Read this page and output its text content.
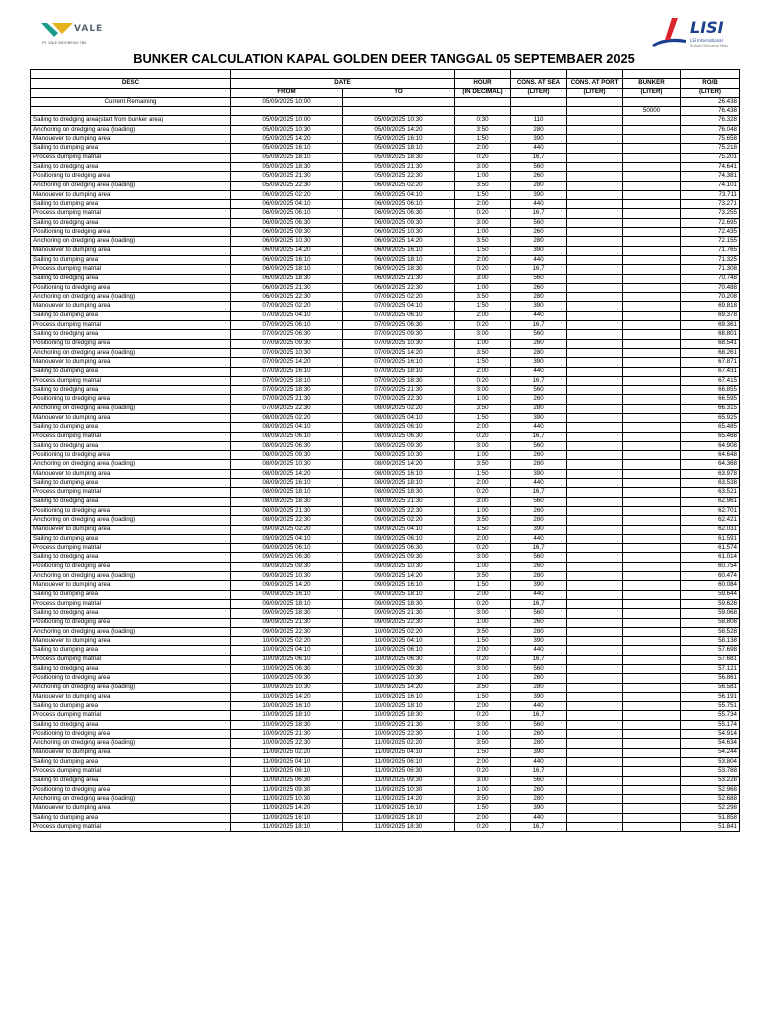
VALE
PT. VALE INDONESIA TBK
LISI
LSI International
Sukses Bersama Maju
BUNKER CALCULATION KAPAL GOLDEN DEER TANGGAL 05 SEPTEMBAER 2025

DESC	DATE		HOUR	CONS. AT SEA	CONS. AT PORT	BUNKER	RO/B
	FROM	TO	(IN DECIMAL)	(LITER)	(LITER)	(LITER)	(LITER)
Current Remaining	05/09/2025 10:00						26.438
						50000	76.438
Sailing to dredging area(start from bunker area)	05/09/2025 10:00	05/09/2025 10:30	0:30	110			76.328
Anchoring on dredging area (loading)	05/09/2025 10:30	05/09/2025 14:20	3:50	280			76.048
Manouever to dumping area	05/09/2025 14:20	05/09/2025 16:10	1:50	390			75.658
Sailing to dumping area	05/09/2025 16:10	05/09/2025 18:10	2:00	440			75.218
Process dumping matrial	05/09/2025 18:10	05/09/2025 18:30	0:20	16,7			75.201
Sailing to dredging area	05/09/2025 18:30	05/09/2025 21:30	3:00	560			74.641
Positioning to dredging area	05/09/2025 21:30	05/09/2025 22:30	1:00	260			74.381
Anchoring on dredging area (loading)	05/09/2025 22:30	06/09/2025 02:20	3:50	280			74.101
Manouever to dumping area	06/09/2025 02:20	06/09/2025 04:10	1:50	390			73.711
Sailing to dumping area	06/09/2025 04:10	06/09/2025 06:10	2:00	440			73.271
Process dumping matrial	06/09/2025 06:10	06/09/2025 06:30	0:20	16,7			73.255
Sailing to dredging area	06/09/2025 06:30	06/09/2025 09:30	3:00	560			72.695
Positioning to dredging area	06/09/2025 09:30	06/09/2025 10:30	1:00	260			72.435
Anchoring on dredging area (loading)	06/09/2025 10:30	06/09/2025 14:20	3:50	280			72.155
Manouever to dumping area	06/09/2025 14:20	06/09/2025 16:10	1:50	390			71.765
Sailing to dumping area	06/09/2025 16:10	06/09/2025 18:10	2:00	440			71.325
Process dumping matrial	06/09/2025 18:10	06/09/2025 18:30	0:20	16,7			71.308
Sailing to dredging area	06/09/2025 18:30	06/09/2025 21:30	3:00	560			70.748
Positioning to dredging area	06/09/2025 21:30	06/09/2025 22:30	1:00	260			70.488
Anchoring on dredging area (loading)	06/09/2025 22:30	07/09/2025 02:20	3:50	280			70.208
Manouever to dumping area	07/09/2025 02:20	07/09/2025 04:10	1:50	390			69.818
Sailing to dumping area	07/09/2025 04:10	07/09/2025 06:10	2:00	440			69.378
Process dumping matrial	07/09/2025 06:10	07/09/2025 06:30	0:20	16,7			69.361
Sailing to dredging area	07/09/2025 06:30	07/09/2025 09:30	3:00	560			68.801
Positioning to dredging area	07/09/2025 09:30	07/09/2025 10:30	1:00	260			68.541
Anchoring on dredging area (loading)	07/09/2025 10:30	07/09/2025 14:20	3:50	280			68.261
Manouever to dumping area	07/09/2025 14:20	07/09/2025 16:10	1:50	390			67.871
Sailing to dumping area	07/09/2025 16:10	07/09/2025 18:10	2:00	440			67.431
Process dumping matrial	07/09/2025 18:10	07/09/2025 18:30	0:20	16,7			67.415
Sailing to dredging area	07/09/2025 18:30	07/09/2025 21:30	3:00	560			66.855
Positioning to dredging area	07/09/2025 21:30	07/09/2025 22:30	1:00	260			66.595
Anchoring on dredging area (loading)	07/09/2025 22:30	08/09/2025 02:20	3:50	280			66.315
Manouever to dumping area	08/09/2025 02:20	08/09/2025 04:10	1:50	390			65.925
Sailing to dumping area	08/09/2025 04:10	08/09/2025 06:10	2:00	440			65.485
Process dumping matrial	08/09/2025 06:10	08/09/2025 06:30	0:20	16,7			65.468
Sailing to dredging area	08/09/2025 06:30	08/09/2025 09:30	3:00	560			64.908
Positioning to dredging area	08/09/2025 09:30	08/09/2025 10:30	1:00	260			64.648
Anchoring on dredging area (loading)	08/09/2025 10:30	08/09/2025 14:20	3:50	280			64.368
Manouever to dumping area	08/09/2025 14:20	08/09/2025 16:10	1:50	390			63.978
Sailing to dumping area	08/09/2025 16:10	08/09/2025 18:10	2:00	440			63.538
Process dumping matrial	08/09/2025 18:10	08/09/2025 18:30	0:20	16,7			63.521
Sailing to dredging area	08/09/2025 18:30	08/09/2025 21:30	3:00	560			62.961
Positioning to dredging area	08/09/2025 21:30	08/09/2025 22:30	1:00	260			62.701
Anchoring on dredging area (loading)	08/09/2025 22:30	09/09/2025 02:20	3:50	280			62.421
Manouever to dumping area	09/09/2025 02:20	09/09/2025 04:10	1:50	390			62.031
Sailing to dumping area	09/09/2025 04:10	09/09/2025 06:10	2:00	440			61.591
Process dumping matrial	09/09/2025 06:10	09/09/2025 06:30	0:20	16,7			61.574
Sailing to dredging area	09/09/2025 06:30	09/09/2025 09:30	3:00	560			61.014
Positioning to dredging area	09/09/2025 09:30	09/09/2025 10:30	1:00	260			60.754
Anchoring on dredging area (loading)	09/09/2025 10:30	09/09/2025 14:20	3:50	280			60.474
Manouever to dumping area	09/09/2025 14:20	09/09/2025 16:10	1:50	390			60.084
Sailing to dumping area	09/09/2025 16:10	09/09/2025 18:10	2:00	440			59.644
Process dumping matrial	09/09/2025 18:10	09/09/2025 18:30	0:20	16,7			59.628
Sailing to dredging area	09/09/2025 18:30	09/09/2025 21:30	3:00	560			59.068
Positioning to dredging area	09/09/2025 21:30	09/09/2025 22:30	1:00	260			58.808
Anchoring on dredging area (loading)	09/09/2025 22:30	10/09/2025 02:20	3:50	280			58.528
Manouever to dumping area	10/09/2025 02:20	10/09/2025 04:10	1:50	390			58.138
Sailing to dumping area	10/09/2025 04:10	10/09/2025 06:10	2:00	440			57.698
Process dumping matrial	10/09/2025 06:10	10/09/2025 06:30	0:20	16,7			57.681
Sailing to dredging area	10/09/2025 06:30	10/09/2025 09:30	3:00	560			57.121
Positioning to dredging area	10/09/2025 09:30	10/09/2025 10:30	1:00	260			56.861
Anchoring on dredging area (loading)	10/09/2025 10:30	10/09/2025 14:20	3:50	280			56.581
Manouever to dumping area	10/09/2025 14:20	10/09/2025 16:10	1:50	390			56.191
Sailing to dumping area	10/09/2025 16:10	10/09/2025 18:10	2:00	440			55.751
Process dumping matrial	10/09/2025 18:10	10/09/2025 18:30	0:20	16,7			55.734
Sailing to dredging area	10/09/2025 18:30	10/09/2025 21:30	3:00	560			55.174
Positioning to dredging area	10/09/2025 21:30	10/09/2025 22:30	1:00	260			54.914
Anchoring on dredging area (loading)	10/09/2025 22:30	11/09/2025 02:20	3:50	280			54.634
Manouever to dumping area	11/09/2025 02:20	11/09/2025 04:10	1:50	390			54.244
Sailing to dumping area	11/09/2025 04:10	11/09/2025 06:10	2:00	440			53.804
Process dumping matrial	11/09/2025 06:10	11/09/2025 06:30	0:20	16,7			53.788
Sailing to dredging area	11/09/2025 06:30	11/09/2025 09:30	3:00	560			53.228
Positioning to dredging area	11/09/2025 09:30	11/09/2025 10:30	1:00	260			52.968
Anchoring on dredging area (loading)	11/09/2025 10:30	11/09/2025 14:20	3:50	280			52.688
Manouever to dumping area	11/09/2025 14:20	11/09/2025 16:10	1:50	390			52.298
Sailing to dumping area	11/09/2025 16:10	11/09/2025 18:10	2:00	440			51.858
Process dumping matrial	11/09/2025 18:10	11/09/2025 18:30	0:20	16,7			51.841
